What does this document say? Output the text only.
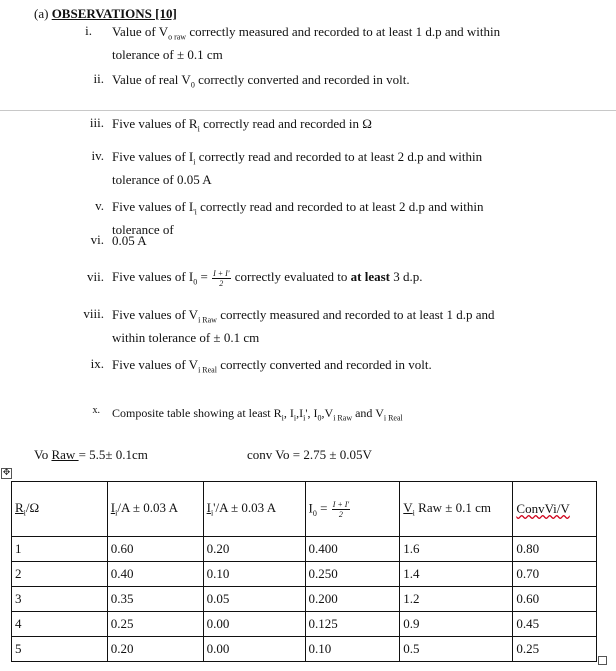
(a) OBSERVATIONS [10]
i. Value of $V_{o raw}$ correctly measured and recorded to at least 1 d.p and within
tolerance of ± 0.1 cm
ii. Value of real $V_0$ correctly converted and recorded in volt.
iii. Five values of $R_i$ correctly read and recorded in Ω
iv. Five values of $I_i$ correctly read and recorded to at least 2 d.p and within
tolerance of 0.05 A
v. Five values of $I_{'i}$ correctly read and recorded to at least 2 d.p and within
tolerance of
vi. 0.05 A
vii. Five values of $I_0 = \frac{I + I'}{2}$ correctly evaluated to at least 3 d.p.
viii. Five values of $V_{i Raw}$ correctly measured and recorded to at least 1 d.p and
within tolerance of ± 0.1 cm
ix. Five values of $V_{i Real}$ correctly converted and recorded in volt.
x. Composite table showing at least $R_i$, $I_i,I_i'$, $I_0,V_{i Raw}$ and $V_{i Real}$
Vo Raw = 5.5± 0.1cm	conv Vo = 2.75 ± 0.05V
✥
$R_i/\Omega$	$I_i/A \pm 0.03$ A	$I_i'/A \pm 0.03$ A	$I_0 = \frac{I + I'}{2}$	$V_i$ Raw ± 0.1 cm	ConvVi/V
1	0.60	0.20	0.400	1.6	0.80
2	0.40	0.10	0.250	1.4	0.70
3	0.35	0.05	0.200	1.2	0.60
4	0.25	0.00	0.125	0.9	0.45
5	0.20	0.00	0.10	0.5	0.25
